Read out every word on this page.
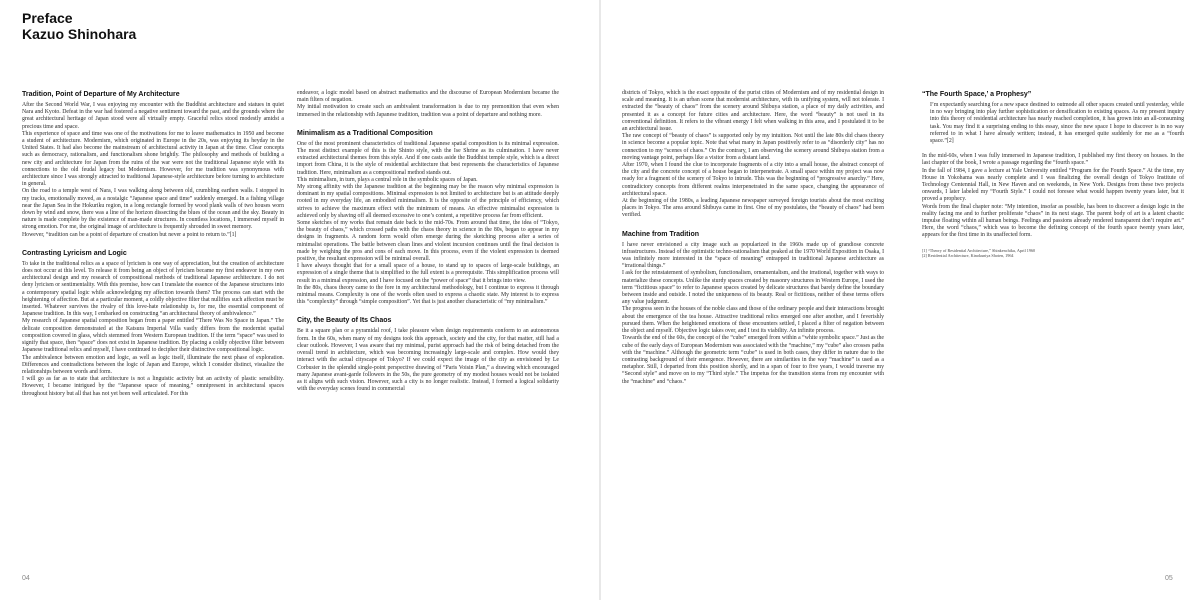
Preface
Kazuo Shinohara
Tradition, Point of Departure of My Architecture

After the Second World War, I was enjoying my encounter with the Buddhist architecture and statues in quiet Nara and Kyoto. Defeat in the war had fostered a negative sentiment toward the past, and the grounds where the great architectural heritage of Japan stood were all virtually empty. Graceful relics stood modestly amidst a precious time and space.

This experience of space and time was one of the motivations for me to leave mathematics in 1950 and become a student of architecture. Modernism, which originated in Europe in the 20s, was enjoying its heyday in the United States. It had also become the mainstream of architectural activity in Japan at the time. Clear concepts such as democracy, rationalism, and functionalism shone brightly. The philosophy and methods of building a new city and architecture for Japan from the ruins of the war were not the traditional Japanese style with its connections to the old feudal legacy but Modernism. However, for me tradition was synonymous with architecture since I was strongly attracted to traditional Japanese-style architecture before turning to architecture in general.

On the road to a temple west of Nara, I was walking along between old, crumbling earthen walls. I stopped in my tracks, emotionally moved, as a nostalgic “Japanese space and time” suddenly emerged. In a fishing village near the Japan Sea in the Hokuriku region, in a long rectangle formed by wood plank walls of two houses worn down by wind and snow, there was a line of the horizon dissecting the blues of the ocean and the sky. Beauty in nature is made complete by the existence of man-made structures. In countless locations, I immersed myself in strong emotion. For me, the original image of architecture is frequently shrouded in sweet memory.

However, “tradition can be a point of departure of creation but never a point to return to.”[1]

Contrasting Lyricism and Logic

To take in the traditional relics as a space of lyricism is one way of appreciation, but the creation of architecture does not occur at this level. To release it from being an object of lyricism became my first endeavor in my own architectural design and my research of compositional methods of traditional Japanese architecture. I do not deny lyricism or sentimentality. With this premise, how can I translate the essence of the Japanese structures into a contemporary spatial logic while acknowledging my affection towards them? The process can start with the heightening of affection. But at a particular moment, a coldly objective filter that nullifies such affection must be inserted. Whatever survives the rivalry of this love-hate relationship is, for me, the essential component of Japanese tradition. In this way, I embarked on constructing “an architectural theory of ambivalence.”

My research of Japanese spatial composition began from a paper entitled “There Was No Space in Japan.” The delicate composition demonstrated at the Katsura Imperial Villa vastly differs from the modernist spatial composition covered in glass, which stemmed from Western European tradition. If the term “space” was used to signify that space, then “space” does not exist in Japanese tradition. By placing a coldly objective filter between Japanese traditional relics and myself, I have continued to decipher their distinctive compositional logic.

The ambivalence between emotion and logic, as well as logic itself, illuminate the next phase of exploration. Differences and contradictions between the logic of Japan and Europe, which I consider distinct, visualize the relationships between words and form.

I will go as far as to state that architecture is not a linguistic activity but an activity of plastic sensibility. However, I became intrigued by the “Japanese space of meaning,” omnipresent in architectural spaces throughout history but all that has not yet been well articulated. For this

endeavor, a logic model based on abstract mathematics and the discourse of European Modernism became the main filters of negation.

My initial motivation to create such an ambivalent transformation is due to my premonition that even when immersed in the relationship with Japanese tradition, tradition was a point of departure and nothing more.

Minimalism as a Traditional Composition

One of the most prominent characteristics of traditional Japanese spatial composition is its minimal expression. The most distinct example of this is the Shinto style, with the Ise Shrine as its culmination. I have never extracted architectural themes from this style. And if one casts aside the Buddhist temple style, which is a direct import from China, it is the style of residential architecture that best represents the characteristics of Japanese tradition. Here, minimalism as a compositional method stands out.

This minimalism, in turn, plays a central role in the symbolic spaces of Japan.

My strong affinity with the Japanese tradition at the beginning may be the reason why minimal expression is dominant in my spatial compositions. Minimal expression is not limited to architecture but is an attitude deeply rooted in my everyday life, an embodied minimalism. It is the opposite of the principle of efficiency, which strives to achieve the maximum effect with the minimum of means. An effective minimalist expression is achieved only by shaving off all deemed excessive to one’s content, a repetitive process far from efficient.

Some sketches of my works that remain date back to the mid-70s. From around that time, the idea of “Tokyo, the beauty of chaos,” which crossed paths with the chaos theory in science in the 80s, began to appear in my designs in fragments. A random form would often emerge during the sketching process after a series of minimalist operations. The battle between clean lines and violent incursion continues until the final decision is made by weighing the pros and cons of each move. In this process, even if the violent expression is deemed positive, the resultant expression will be minimal overall.

I have always thought that for a small space of a house, to stand up to spaces of large-scale buildings, an expression of a single theme that is simplified to the full extent is a prerequisite. This simplification process will result in a minimal expression, and I have focused on the “power of space” that it brings into view.

In the 80s, chaos theory came to the fore in my architectural methodology, but I continue to express it through minimal means. Complexity is one of the words often used to express a chaotic state. My interest is to express this “complexity” through “simple composition”. Yet that is just another characteristic of “my minimalism.”

City, the Beauty of Its Chaos

Be it a square plan or a pyramidal roof, I take pleasure when design requirements conform to an autonomous form. In the 60s, when many of my designs took this approach, society and the city, for that matter, still had a clear outlook. However, I was aware that my minimal, purist approach had the risk of being detached from the overall trend in architecture, which was becoming increasingly large-scale and complex. How would they interact with the actual cityscape of Tokyo? If we could expect the image of the city as envisioned by Le Corbusier in the splendid single-point perspective drawing of “Paris Voisin Plan,” a drawing which encouraged many Japanese avant-garde followers in the 50s, the pure geometry of my modest houses would not be isolated as it aligns with such vision. However, such a city is no longer realistic. Instead, I formed a logical solidarity with the everyday scenes found in commercial

districts of Tokyo, which is the exact opposite of the purist cities of Modernism and of my residential design in scale and meaning. It is an urban scene that modernist architecture, with its unifying system, will not tolerate. I extracted the “beauty of chaos” from the scenery around Shibuya station, a place of my daily activities, and presented it as a concept for future cities and architecture. Here, the word “beauty” is not used in its conventional definition. It refers to the vibrant energy I felt when walking in this area, and I postulated it to be an architectural issue.

The raw concept of “beauty of chaos” is supported only by my intuition. Not until the late 80s did chaos theory in science become a popular topic. Note that what many in Japan positively refer to as “disorderly city” has no connection to my “scenes of chaos.” On the contrary, I am observing the scenery around Shibuya station from a moving vantage point, perhaps like a visitor from a distant land.

After 1970, when I found the clue to incorporate fragments of a city into a small house, the abstract concept of the city and the concrete concept of a house began to interpenetrate. A small space within my project was now ready for a fragment of the scenery of Tokyo to intrude. This was the beginning of “progressive anarchy.” Here, contradictory concepts from different realms interpenetrated in the same space, changing the appearance of architectural space.

At the beginning of the 1980s, a leading Japanese newspaper surveyed foreign tourists about the most exciting places in Tokyo. The area around Shibuya came in first. One of my postulates, the “beauty of chaos” had been verified.

Machine from Tradition

I have never envisioned a city image such as popularized in the 1960s made up of grandiose concrete infrastructures. Instead of the optimistic techno-rationalism that peaked at the 1970 World Exposition in Osaka, I was infinitely more interested in the “space of meaning” entrapped in traditional Japanese architecture as “irrational things.”

I ask for the reinstatement of symbolism, functionalism, ornamentalism, and the irrational, together with ways to materialize these concepts. Unlike the sturdy spaces created by masonry structures in Western Europe, I used the term “fictitious space” to refer to Japanese spaces created by delicate structures that barely define the boundary between inside and outside. I noted the uniqueness of its beauty. Real or fictitious, neither of these terms offers any value judgment.

The progress seen in the houses of the noble class and those of the ordinary people and their interactions brought about the emergence of the tea house. Attractive traditional relics emerged one after another, and I feverishly pursued them. When the heightened emotions of these encounters settled, I placed a filter of negation between the object and myself. Objective logic takes over, and I test its viability. An infinite process.

Towards the end of the 60s, the concept of the “cube” emerged from within a “white symbolic space.” Just as the cube of the early days of European Modernism was associated with the “machine,” my “cube” also crosses paths with the “machine.” Although the geometric term “cube” is used in both cases, they differ in nature due to the contrasting background of their emergence. However, there are similarities in the way “machine” is used as a metaphor. Still, I departed from this position shortly, and in a span of four to five years, I would traverse my “Second style” and move on to my “Third style.” The impetus for the transition stems from my encounter with the “machine” and “chaos.”

“The Fourth Space,’ a Prophesy”

I’m expectantly searching for a new space destined to outmode all other spaces created until yesterday, while in no way bringing into play further sophistication or densification to existing spaces. As my present inquiry into this theory of residential architecture has nearly reached completion, it has grown into an all-consuming task. You may find it a surprising ending to this essay, since the new space I hope to discover is in no way referred to in what I have already written; instead, it has emerged quite suddenly for me as a “fourth space.”[2]

In the mid-60s, when I was fully immersed in Japanese tradition, I published my first theory on houses. In the last chapter of the book, I wrote a passage regarding the “fourth space.”

In the fall of 1984, I gave a lecture at Yale University entitled “Program for the Fourth Space.” At the time, my House in Yokohama was nearly complete and I was finalizing the overall design of Tokyo Institute of Technology Centennial Hall, in New Haven and on weekends, in New York. Designs from these two projects onwards, I later labeled my “Fourth Style.” I could not foresee what would happen twenty years later, but it proved a prophecy.

Words from the final chapter note: “My intention, insofar as possible, has been to discover a design logic in the reality facing me and to further proliferate “chaos” in its next stage. The parent body of art is a latent chaotic impulse floating within all human beings. Feelings and passions already rendered transparent don’t require art.” Here, the word “chaos,” which was to become the defining concept of the fourth space twenty years later, appears for the first time in its unaffected form.

[1] “Theory of Residential Architecture,” Shinkenchiku, April 1960
[2] Residential Architecture, Kinokuniya Shoten, 1964
04	05
